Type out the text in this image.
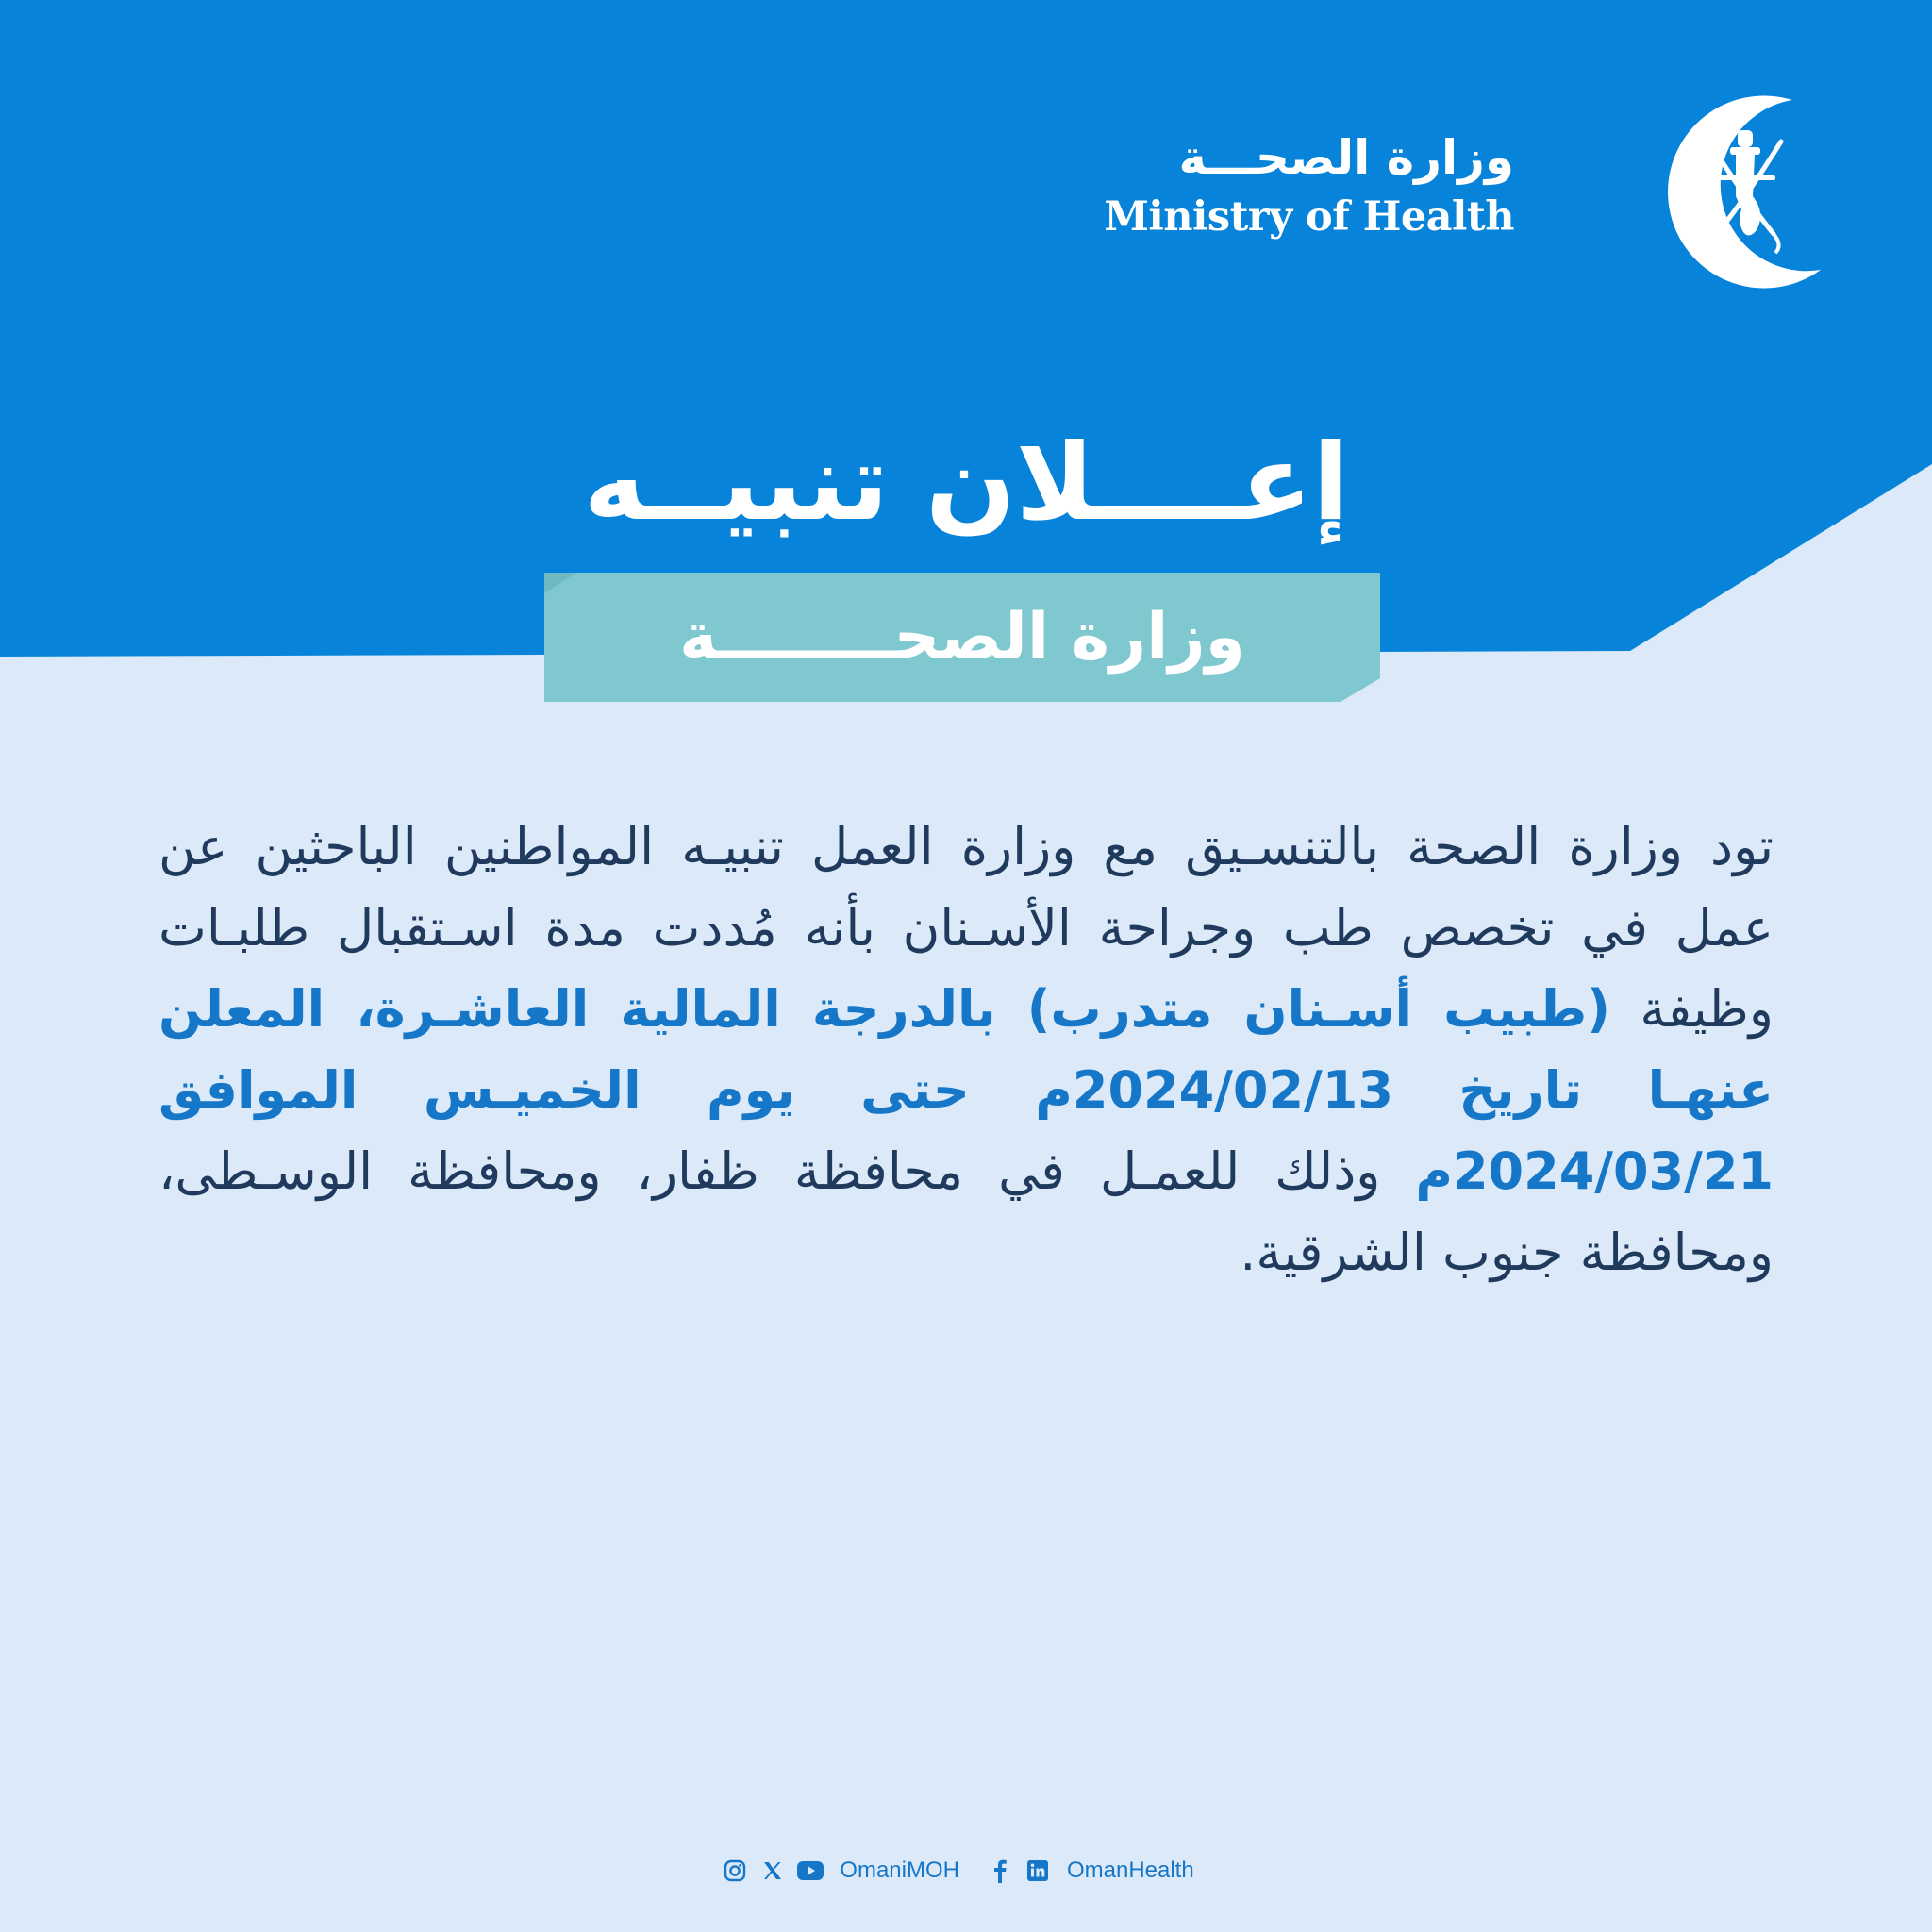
وزارة الصحـــة
Ministry of Health
إعــــلان تنبيــه
وزارة الصحــــــــة
تود وزارة الصحة بالتنسـيق مع وزارة العمل تنبيـه المواطنين الباحثين عن عمل في تخصص طب وجراحة الأسـنان بأنه مُددت مدة اسـتقبال طلبـات وظيفة (طبيب أسـنان متدرب) بالدرجة المالية العاشـرة، المعلن عنهـا تاريخ 2024/02/13م حتى يوم الخميـس الموافق 2024/03/21م وذلك للعمـل في محافظة ظفار، ومحافظة الوسـطى، ومحافظة جنوب الشرقية.
OmaniMOH	OmanHealth
